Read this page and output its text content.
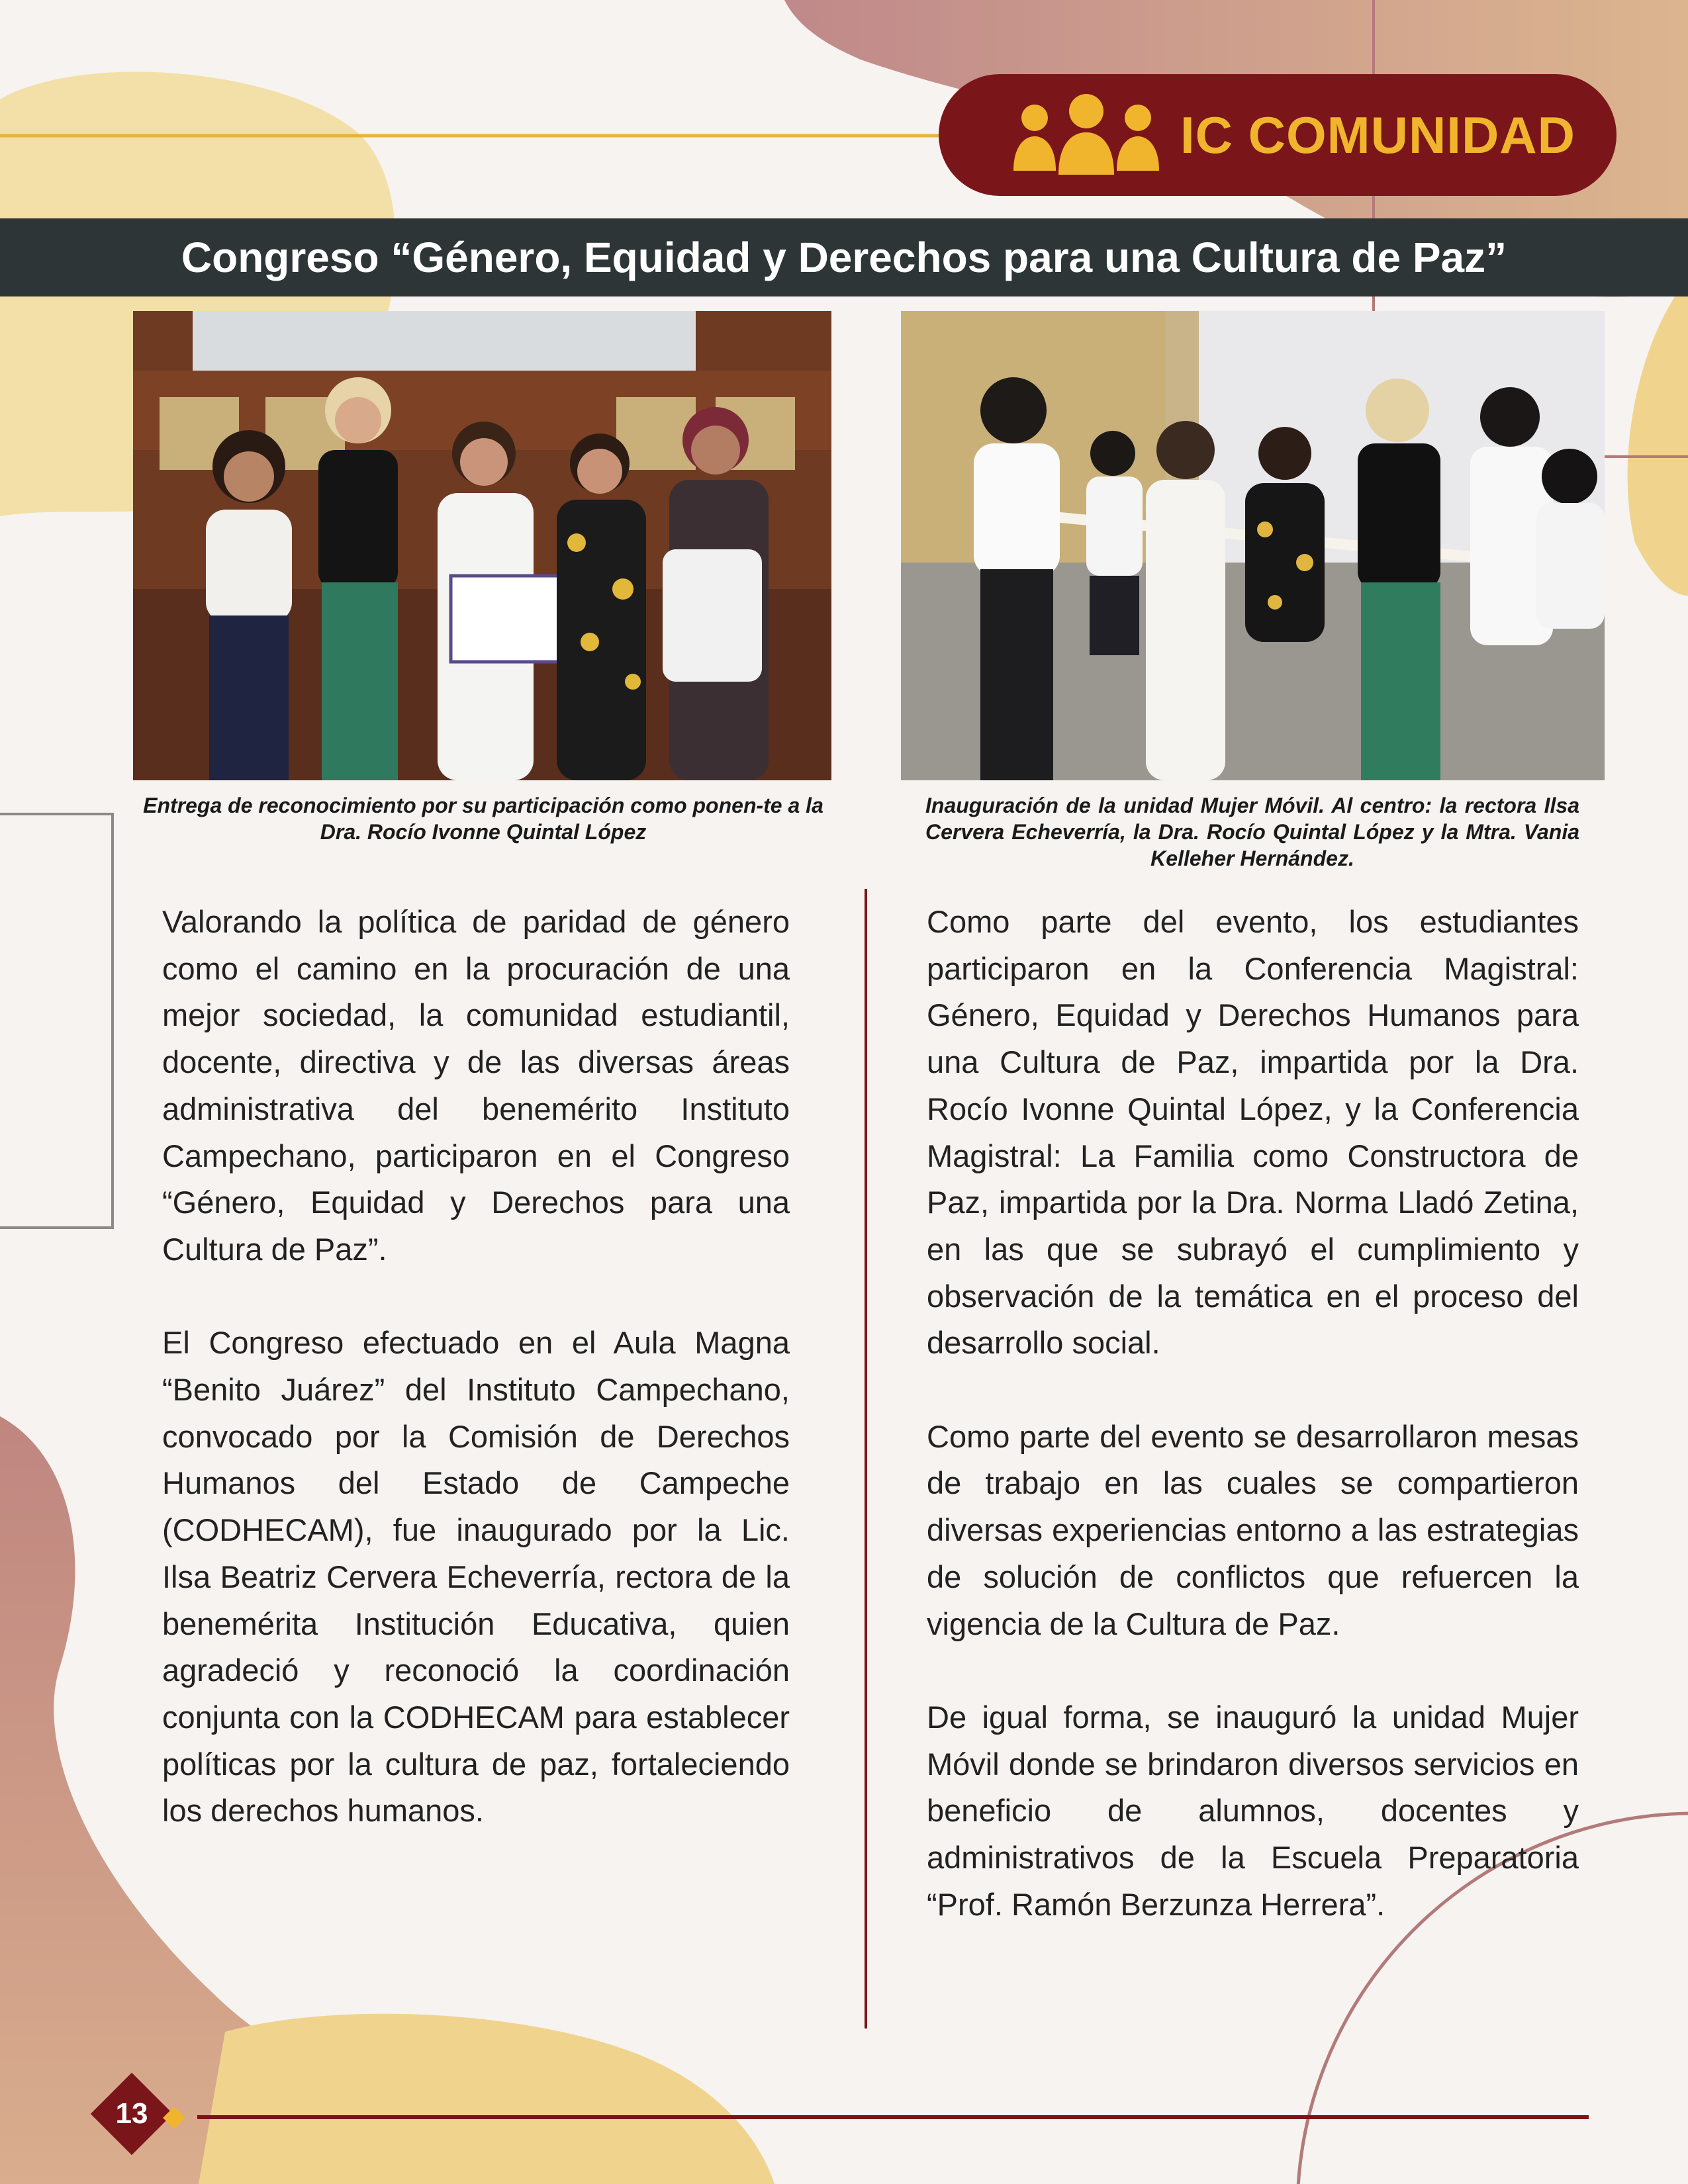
IC COMUNIDAD
Congreso “Género, Equidad y Derechos para una Cultura de Paz”
Entrega de reconocimiento por su participación como ponen-te a la Dra. Rocío Ivonne Quintal López
Inauguración de la unidad Mujer Móvil. Al centro: la rectora Ilsa Cervera Echeverría, la Dra. Rocío Quintal López y la Mtra. Vania Kelleher Hernández.

Valorando la política de paridad de género como el camino en la procuración de una mejor sociedad, la comunidad estudiantil, docente, directiva y de las diversas áreas administrativa del benemérito Instituto Campechano, participaron en el Congreso “Género, Equidad y Derechos para una Cultura de Paz”.

El Congreso efectuado en el Aula Magna “Benito Juárez” del Instituto Campechano, convocado por la Comisión de Derechos Humanos del Estado de Campeche (CODHECAM), fue inaugurado por la Lic. Ilsa Beatriz Cervera Echeverría, rectora de la benemérita Institución Educativa, quien agradeció y reconoció la coordinación conjunta con la CODHECAM para establecer políticas por la cultura de paz, fortaleciendo los derechos humanos.

Como parte del evento, los estudiantes participaron en la Conferencia Magistral: Género, Equidad y Derechos Humanos para una Cultura de Paz, impartida por la Dra. Rocío Ivonne Quintal López, y la Conferencia Magistral: La Familia como Constructora de Paz, impartida por la Dra. Norma Lladó Zetina, en las que se subrayó el cumplimiento y observación de la temática en el proceso del desarrollo social.

Como parte del evento se desarrollaron mesas de trabajo en las cuales se compartieron diversas experiencias entorno a las estrategias de solución de conflictos que refuercen la vigencia de la Cultura de Paz.

De igual forma, se inauguró la unidad Mujer Móvil donde se brindaron diversos servicios en beneficio de alumnos, docentes y administrativos de la Escuela Preparatoria “Prof. Ramón Berzunza Herrera”.

13
